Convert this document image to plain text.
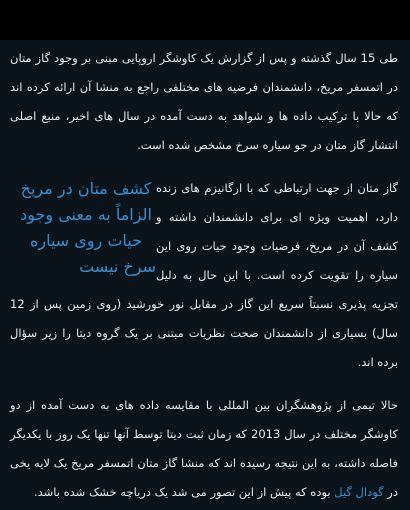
طی 15 سال گذشته و پس از گزارش یک کاوشگر اروپایی مبنی بر وجود گاز متان در اتمسفر مریخ، دانشمندان فرضیه های مختلفی راجع به منشا آن ارائه کرده اند که حالا با ترکیب داده ها و شواهد به دست آمده در سال های اخیر، منبع اصلی انتشار گاز متان در جو سیاره سرخ مشخص شده است.

کشف متان در مریخ الزاماً به معنی وجود حیات روی سیاره سرخ نیست

گاز متان از جهت ارتباطی که با ارگانیزم های زنده دارد، اهمیت ویژه ای برای دانشمندان داشته و کشف آن در مریخ، فرضیات وجود حیات روی این سیاره را تقویت کرده است. با این حال به دلیل تجزیه پذیری نسبتاً سریع این گاز در مقابل نور خورشید (روی زمین پس از 12 سال) بسیاری از دانشمندان صحت نظریات مبتنی بر یک گروه دیتا را زیر سؤال برده اند.

حالا تیمی از پژوهشگران بین المللی با مقایسه داده های به دست آمده از دو کاوشگر مختلف در سال 2013 که زمان ثبت دیتا توسط آنها تنها یک روز با یکدیگر فاصله داشته، به این نتیجه رسیده اند که منشا گاز متان اتمسفر مریخ یک لایه یخی در گودال گیل بوده که پیش از این تصور می شد یک دریاچه خشک شده باشد.
